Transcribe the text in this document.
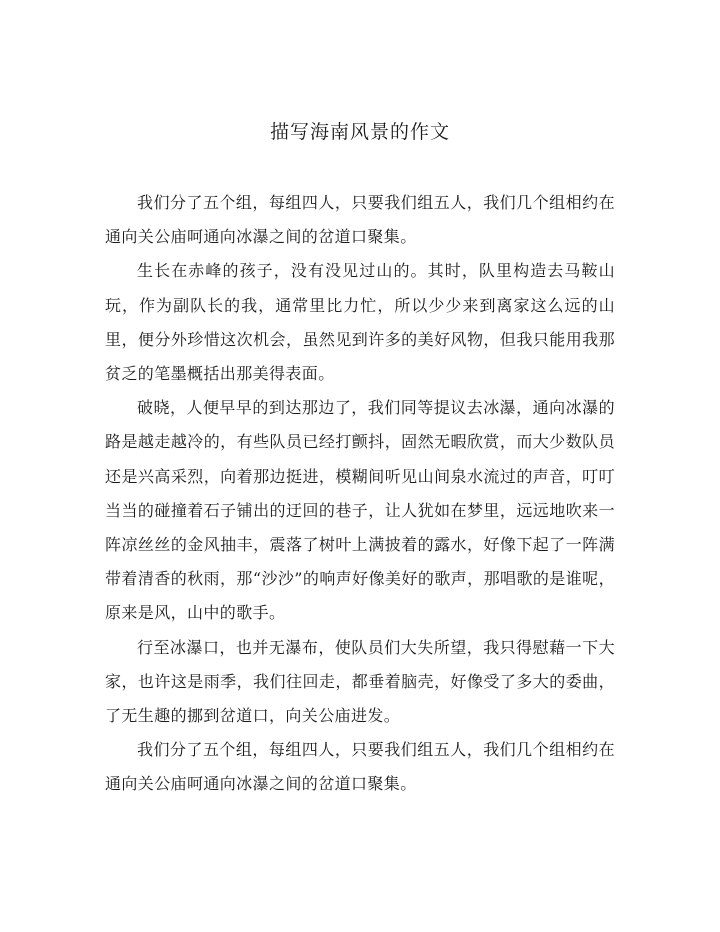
描写海南风景的作文

我们分了五个组，每组四人，只要我们组五人，我们几个组相约在通向关公庙呵通向冰瀑之间的岔道口聚集。

生长在赤峰的孩子，没有没见过山的。其时，队里构造去马鞍山玩，作为副队长的我，通常里比力忙，所以少少来到离家这么远的山里，便分外珍惜这次机会，虽然见到许多的美好风物，但我只能用我那贫乏的笔墨概括出那美得表面。

破晓，人便早早的到达那边了，我们同等提议去冰瀑，通向冰瀑的路是越走越冷的，有些队员已经打颤抖，固然无暇欣赏，而大少数队员还是兴高采烈，向着那边挺进，模糊间听见山间泉水流过的声音，叮叮当当的碰撞着石子铺出的迂回的巷子，让人犹如在梦里，远远地吹来一阵凉丝丝的金风抽丰，震落了树叶上满披着的露水，好像下起了一阵满带着清香的秋雨，那“沙沙”的响声好像美好的歌声，那唱歌的是谁呢，原来是风，山中的歌手。

行至冰瀑口，也并无瀑布，使队员们大失所望，我只得慰藉一下大家，也许这是雨季，我们往回走，都垂着脑壳，好像受了多大的委曲，了无生趣的挪到岔道口，向关公庙进发。

我们分了五个组，每组四人，只要我们组五人，我们几个组相约在通向关公庙呵通向冰瀑之间的岔道口聚集。
